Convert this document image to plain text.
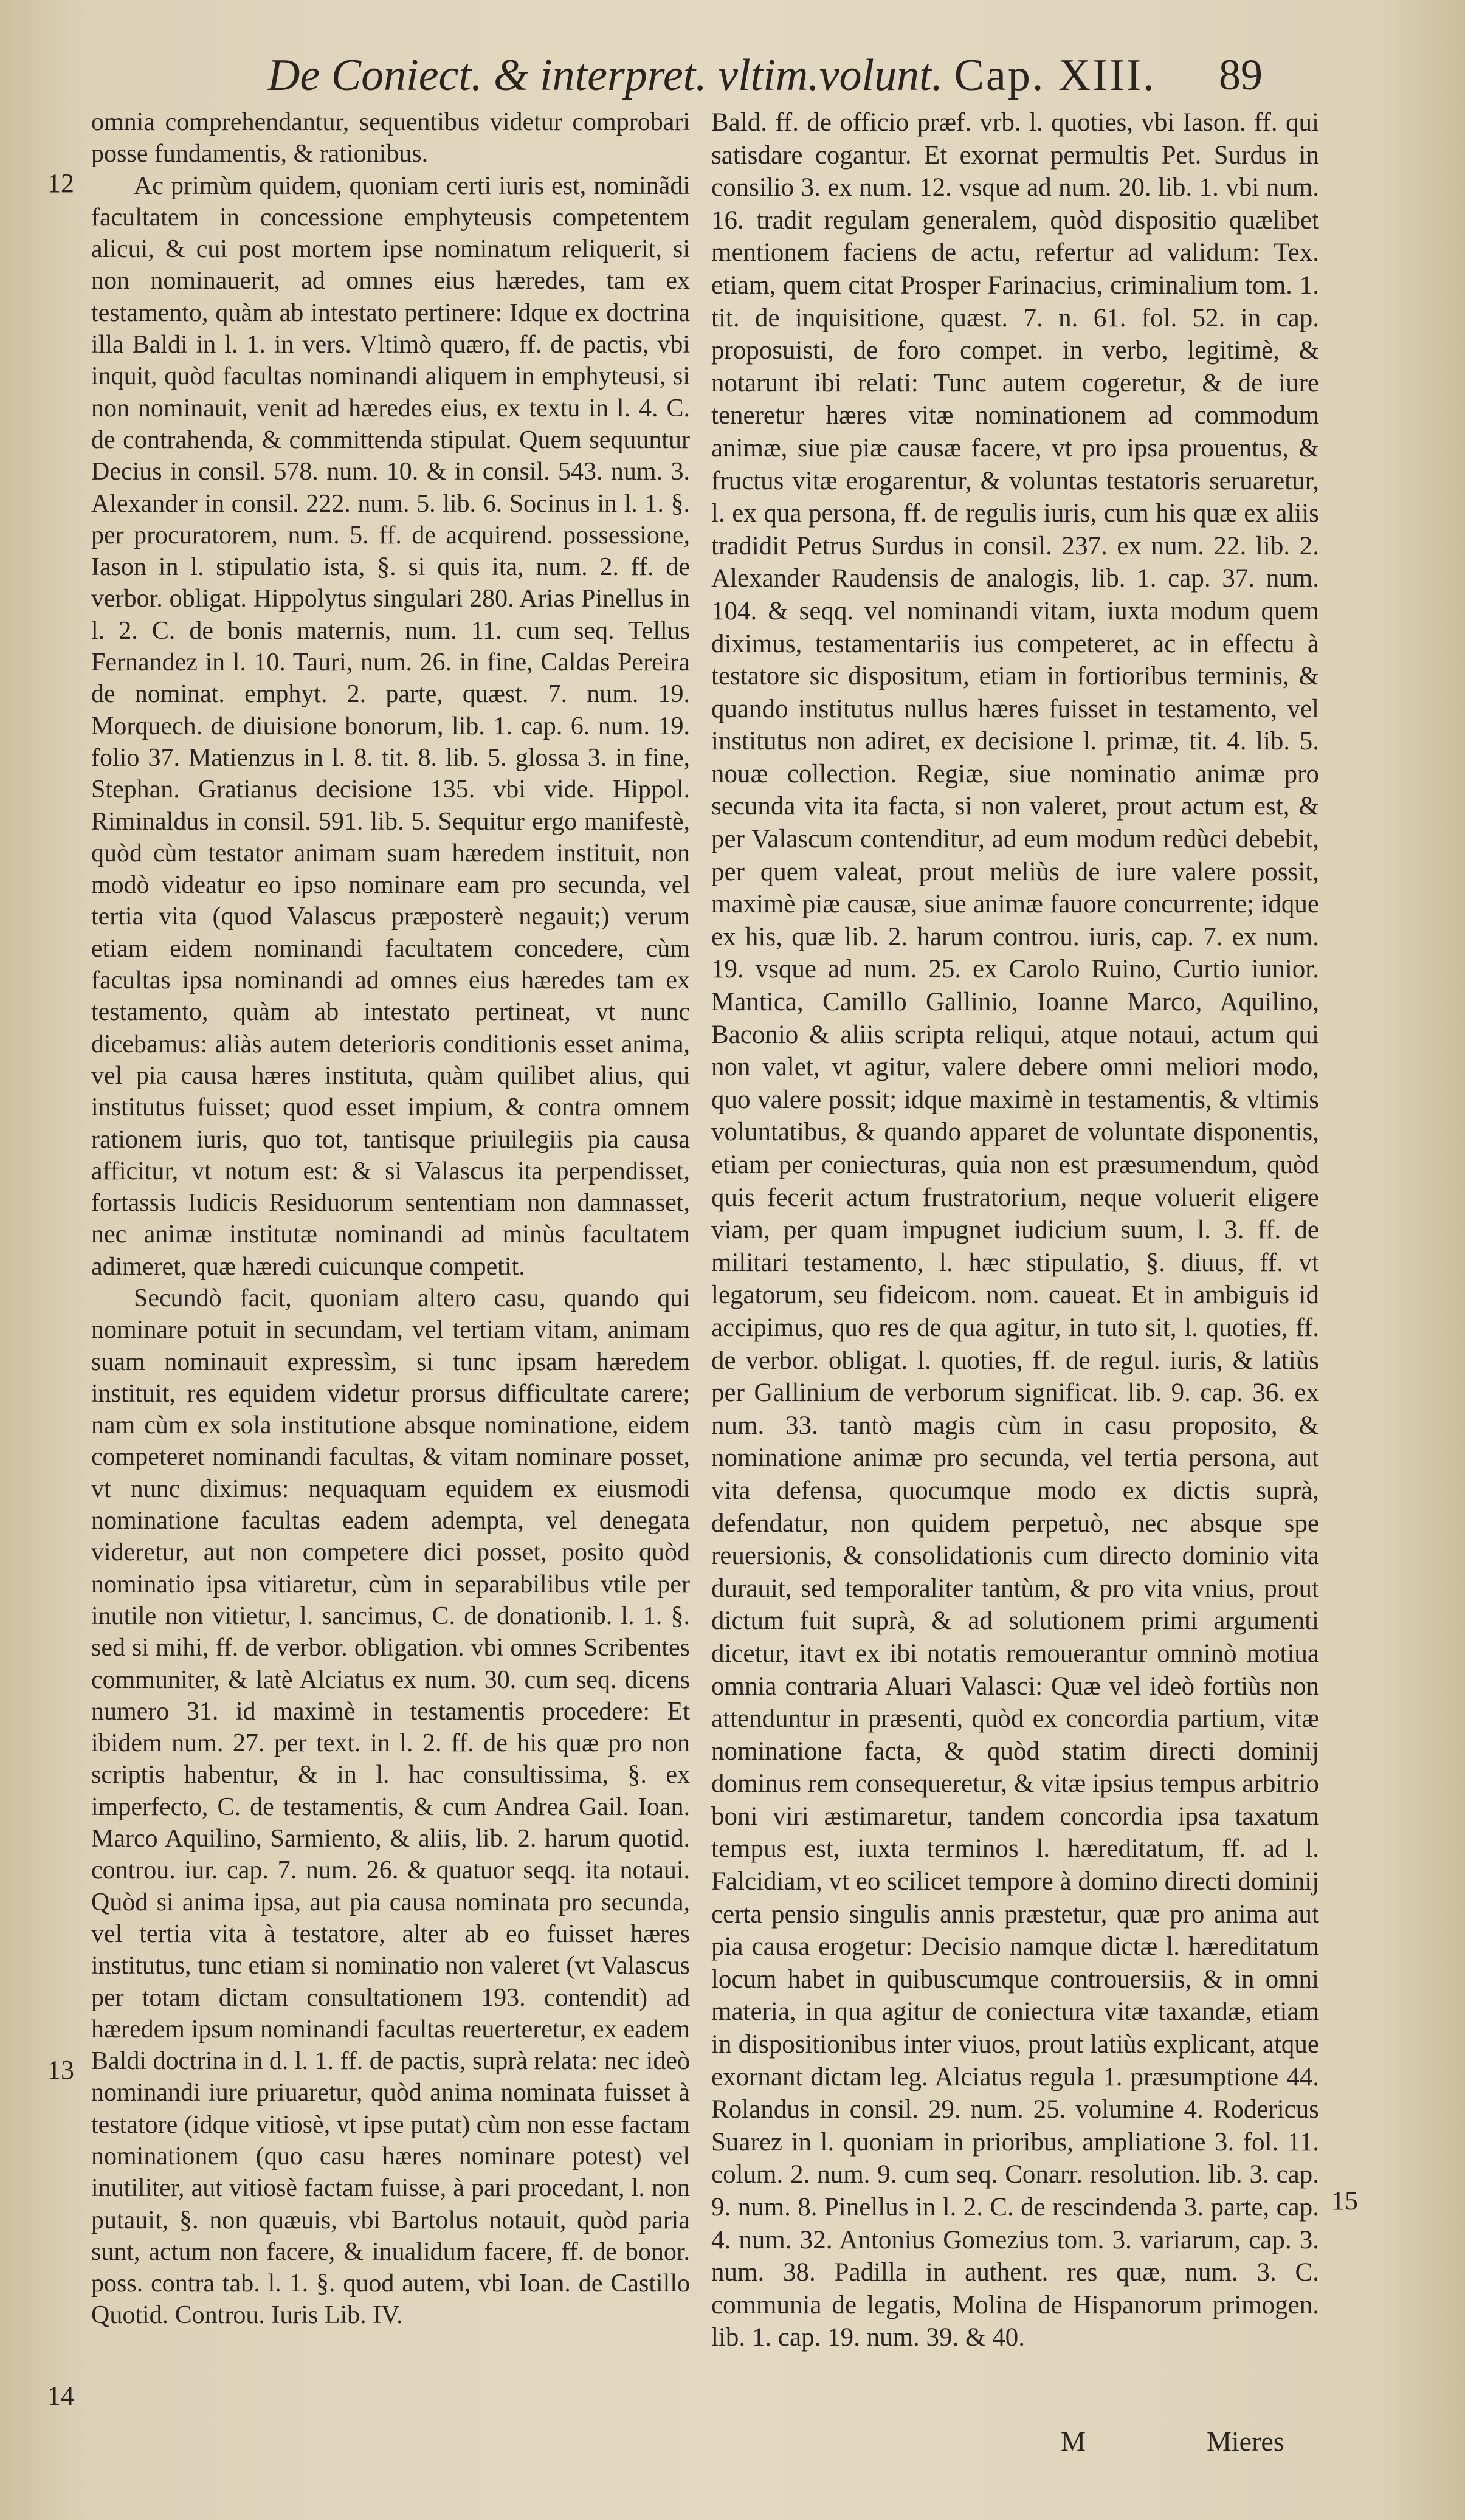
De Coniect. & interpret. vltim.volunt. Cap. XIII.	89
12
13
14
15

omnia comprehendantur, sequentibus videtur comprobari posse fundamentis, & rationibus.

Ac primùm quidem, quoniam certi iuris est, nominãdi facultatem in concessione emphyteusis competentem alicui, & cui post mortem ipse nominatum reliquerit, si non nominauerit, ad omnes eius hæredes, tam ex testamento, quàm ab intestato pertinere: Idque ex doctrina illa Baldi in l. 1. in vers. Vltimò quæro, ff. de pactis, vbi inquit, quòd facultas nominandi aliquem in emphyteusi, si non nominauit, venit ad hæredes eius, ex textu in l. 4. C. de contrahenda, & committenda stipulat. Quem sequuntur Decius in consil. 578. num. 10. & in consil. 543. num. 3. Alexander in consil. 222. num. 5. lib. 6. Socinus in l. 1. §. per procuratorem, num. 5. ff. de acquirend. possessione, Iason in l. stipulatio ista, §. si quis ita, num. 2. ff. de verbor. obligat. Hippolytus singulari 280. Arias Pinellus in l. 2. C. de bonis maternis, num. 11. cum seq. Tellus Fernandez in l. 10. Tauri, num. 26. in fine, Caldas Pereira de nominat. emphyt. 2. parte, quæst. 7. num. 19. Morquech. de diuisione bonorum, lib. 1. cap. 6. num. 19. folio 37. Matienzus in l. 8. tit. 8. lib. 5. glossa 3. in fine, Stephan. Gratianus decisione 135. vbi vide. Hippol. Riminaldus in consil. 591. lib. 5. Sequitur ergo manifestè, quòd cùm testator animam suam hæredem instituit, non modò videatur eo ipso nominare eam pro secunda, vel tertia vita (quod Valascus præposterè negauit;) verum etiam eidem nominandi facultatem concedere, cùm facultas ipsa nominandi ad omnes eius hæredes tam ex testamento, quàm ab intestato pertineat, vt nunc dicebamus: aliàs autem deterioris conditionis esset anima, vel pia causa hæres instituta, quàm quilibet alius, qui institutus fuisset; quod esset impium, & contra omnem rationem iuris, quo tot, tantisque priuilegiis pia causa afficitur, vt notum est: & si Valascus ita perpendisset, fortassis Iudicis Residuorum sententiam non damnasset, nec animæ institutæ nominandi ad minùs facultatem adimeret, quæ hæredi cuicunque competit.

Secundò facit, quoniam altero casu, quando qui nominare potuit in secundam, vel tertiam vitam, animam suam nominauit expressìm, si tunc ipsam hæredem instituit, res equidem videtur prorsus difficultate carere; nam cùm ex sola institutione absque nominatione, eidem competeret nominandi facultas, & vitam nominare posset, vt nunc diximus: nequaquam equidem ex eiusmodi nominatione facultas eadem adempta, vel denegata videretur, aut non competere dici posset, posito quòd nominatio ipsa vitiaretur, cùm in separabilibus vtile per inutile non vitietur, l. sancimus, C. de donationib. l. 1. §. sed si mihi, ff. de verbor. obligation. vbi omnes Scribentes communiter, & latè Alciatus ex num. 30. cum seq. dicens numero 31. id maximè in testamentis procedere: Et ibidem num. 27. per text. in l. 2. ff. de his quæ pro non scriptis habentur, & in l. hac consultissima, §. ex imperfecto, C. de testamentis, & cum Andrea Gail. Ioan. Marco Aquilino, Sarmiento, & aliis, lib. 2. harum quotid. controu. iur. cap. 7. num. 26. & quatuor seqq. ita notaui. Quòd si anima ipsa, aut pia causa nominata pro secunda, vel tertia vita à testatore, alter ab eo fuisset hæres institutus, tunc etiam si nominatio non valeret (vt Valascus per totam dictam consultationem 193. contendit) ad hæredem ipsum nominandi facultas reuerteretur, ex eadem Baldi doctrina in d. l. 1. ff. de pactis, suprà relata: nec ideò nominandi iure priuaretur, quòd anima nominata fuisset à testatore (idque vitiosè, vt ipse putat) cùm non esse factam nominationem (quo casu hæres nominare potest) vel inutiliter, aut vitiosè factam fuisse, à pari procedant, l. non putauit, §. non quæuis, vbi Bartolus notauit, quòd paria sunt, actum non facere, & inualidum facere, ff. de bonor. poss. contra tab. l. 1. §. quod autem, vbi Ioan. de Castillo Quotid. Controu. Iuris Lib. IV.

Bald. ff. de officio præf. vrb. l. quoties, vbi Iason. ff. qui satisdare cogantur. Et exornat permultis Pet. Surdus in consilio 3. ex num. 12. vsque ad num. 20. lib. 1. vbi num. 16. tradit regulam generalem, quòd dispositio quælibet mentionem faciens de actu, refertur ad validum: Tex. etiam, quem citat Prosper Farinacius, criminalium tom. 1. tit. de inquisitione, quæst. 7. n. 61. fol. 52. in cap. proposuisti, de foro compet. in verbo, legitimè, & notarunt ibi relati: Tunc autem cogeretur, & de iure teneretur hæres vitæ nominationem ad commodum animæ, siue piæ causæ facere, vt pro ipsa prouentus, & fructus vitæ erogarentur, & voluntas testatoris seruaretur, l. ex qua persona, ff. de regulis iuris, cum his quæ ex aliis tradidit Petrus Surdus in consil. 237. ex num. 22. lib. 2. Alexander Raudensis de analogis, lib. 1. cap. 37. num. 104. & seqq. vel nominandi vitam, iuxta modum quem diximus, testamentariis ius competeret, ac in effectu à testatore sic dispositum, etiam in fortioribus terminis, & quando institutus nullus hæres fuisset in testamento, vel institutus non adiret, ex decisione l. primæ, tit. 4. lib. 5. nouæ collection. Regiæ, siue nominatio animæ pro secunda vita ita facta, si non valeret, prout actum est, & per Valascum contenditur, ad eum modum redùci debebit, per quem valeat, prout meliùs de iure valere possit, maximè piæ causæ, siue animæ fauore concurrente; idque ex his, quæ lib. 2. harum controu. iuris, cap. 7. ex num. 19. vsque ad num. 25. ex Carolo Ruino, Curtio iunior. Mantica, Camillo Gallinio, Ioanne Marco, Aquilino, Baconio & aliis scripta reliqui, atque notaui, actum qui non valet, vt agitur, valere debere omni meliori modo, quo valere possit; idque maximè in testamentis, & vltimis voluntatibus, & quando apparet de voluntate disponentis, etiam per coniecturas, quia non est præsumendum, quòd quis fecerit actum frustratorium, neque voluerit eligere viam, per quam impugnet iudicium suum, l. 3. ff. de militari testamento, l. hæc stipulatio, §. diuus, ff. vt legatorum, seu fideicom. nom. caueat. Et in ambiguis id accipimus, quo res de qua agitur, in tuto sit, l. quoties, ff. de verbor. obligat. l. quoties, ff. de regul. iuris, & latiùs per Gallinium de verborum significat. lib. 9. cap. 36. ex num. 33. tantò magis cùm in casu proposito, & nominatione animæ pro secunda, vel tertia persona, aut vita defensa, quocumque modo ex dictis suprà, defendatur, non quidem perpetuò, nec absque spe reuersionis, & consolidationis cum directo dominio vita durauit, sed temporaliter tantùm, & pro vita vnius, prout dictum fuit suprà, & ad solutionem primi argumenti dicetur, itavt ex ibi notatis remouerantur omninò motiua omnia contraria Aluari Valasci: Quæ vel ideò fortiùs non attenduntur in præsenti, quòd ex concordia partium, vitæ nominatione facta, & quòd statim directi dominij dominus rem consequeretur, & vitæ ipsius tempus arbitrio boni viri æstimaretur, tandem concordia ipsa taxatum tempus est, iuxta terminos l. hæreditatum, ff. ad l. Falcidiam, vt eo scilicet tempore à domino directi dominij certa pensio singulis annis præstetur, quæ pro anima aut pia causa erogetur: Decisio namque dictæ l. hæreditatum locum habet in quibuscumque controuersiis, & in omni materia, in qua agitur de coniectura vitæ taxandæ, etiam in dispositionibus inter viuos, prout latiùs explicant, atque exornant dictam leg. Alciatus regula 1. præsumptione 44. Rolandus in consil. 29. num. 25. volumine 4. Rodericus Suarez in l. quoniam in prioribus, ampliatione 3. fol. 11. colum. 2. num. 9. cum seq. Conarr. resolution. lib. 3. cap. 9. num. 8. Pinellus in l. 2. C. de rescindenda 3. parte, cap. 4. num. 32. Antonius Gomezius tom. 3. variarum, cap. 3. num. 38. Padilla in authent. res quæ, num. 3. C. communia de legatis, Molina de Hispanorum primogen. lib. 1. cap. 19. num. 39. & 40.

M	Mieres
